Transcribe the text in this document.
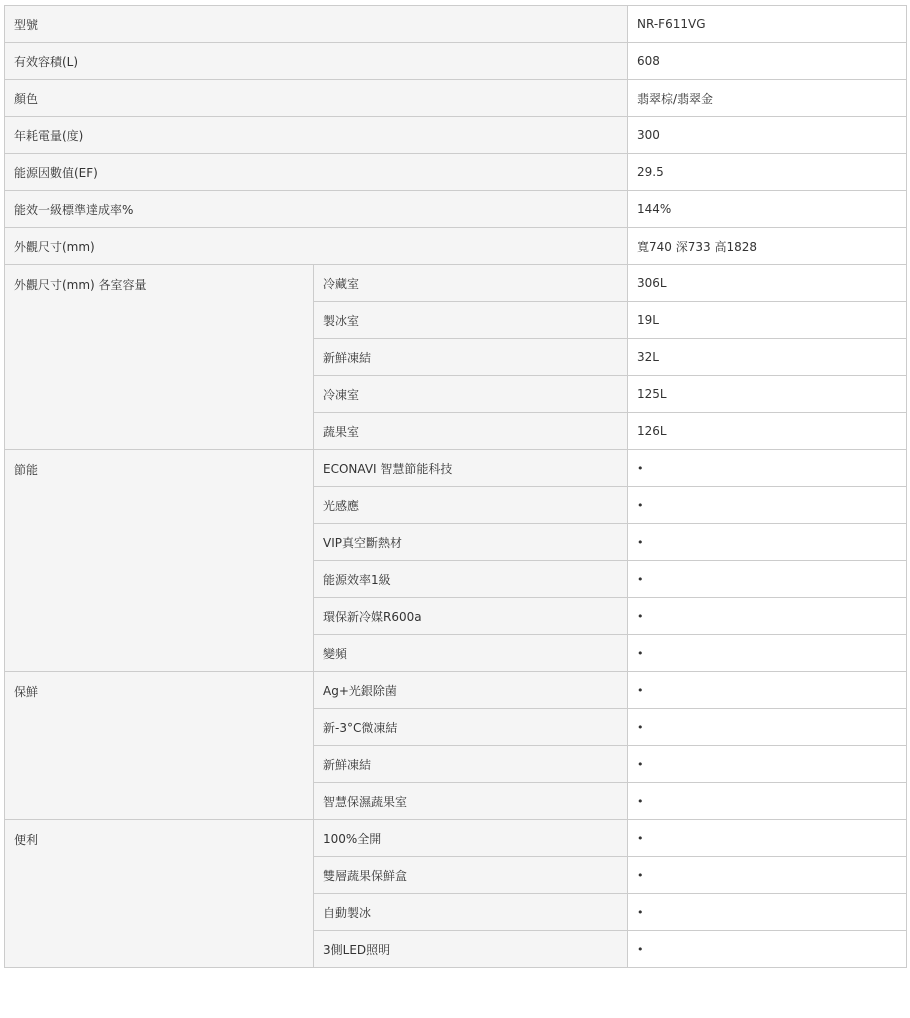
型號		NR-F611VG
有效容積(L)		608
顏色		翡翠棕/翡翠金
年耗電量(度)		300
能源因數值(EF)		29.5
能效一級標準達成率%		144%
外觀尺寸(mm)		寬740 深733 高1828
外觀尺寸(mm) 各室容量	冷藏室	306L
	製冰室	19L
	新鮮凍結	32L
	冷凍室	125L
	蔬果室	126L
節能	ECONAVI 智慧節能科技	•
	光感應	•
	VIP真空斷熱材	•
	能源效率1級	•
	環保新冷媒R600a	•
	變頻	•
保鮮	Ag+光銀除菌	•
	新-3°C微凍結	•
	新鮮凍結	•
	智慧保濕蔬果室	•
便利	100%全開	•
	雙層蔬果保鮮盒	•
	自動製冰	•
	3側LED照明	•
